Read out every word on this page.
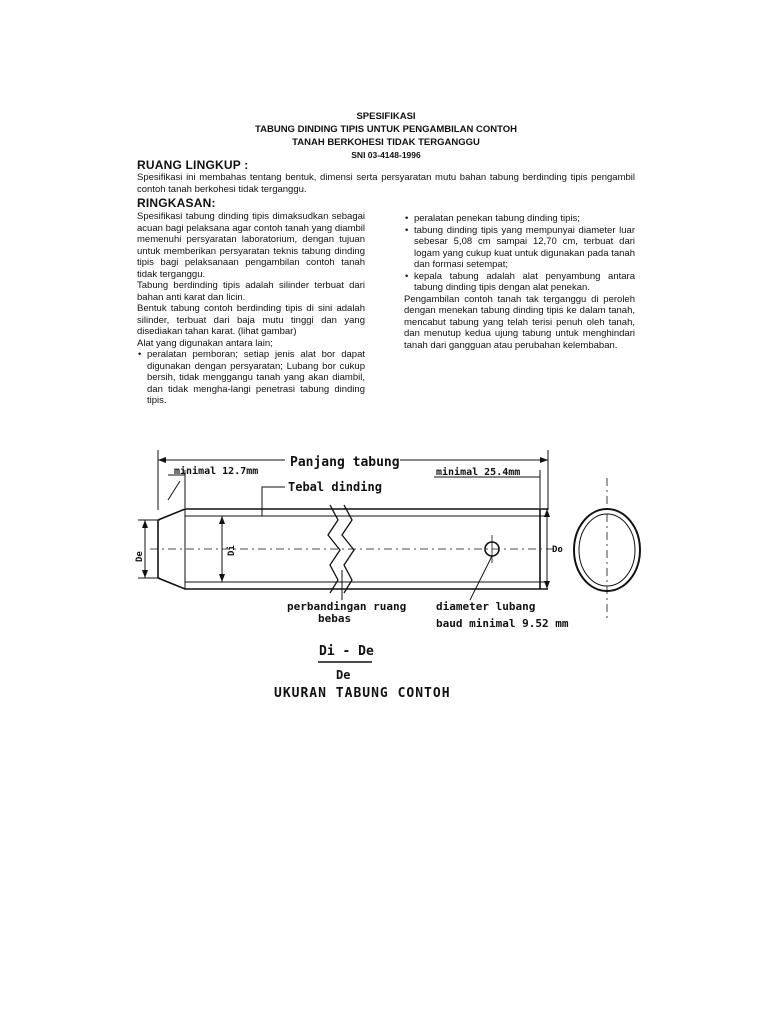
SPESIFIKASI
TABUNG DINDING TIPIS UNTUK PENGAMBILAN CONTOH
TANAH BERKOHESI TIDAK TERGANGGU
SNI 03-4148-1996
RUANG LINGKUP :

Spesifikasi ini membahas tentang bentuk, dimensi serta persyaratan mutu bahan tabung berdinding tipis pengambil contoh tanah berkohesi tidak terganggu.

RINGKASAN:

Spesifikasi tabung dinding tipis dimaksudkan sebagai acuan bagi pelaksana agar contoh tanah yang diambil memenuhi persyaratan laboratorium, dengan tujuan untuk memberikan persyaratan teknis tabung dinding tipis bagi pelaksanaan pengambilan contoh tanah tidak terganggu.

Tabung berdinding tipis adalah silinder terbuat dari bahan anti karat dan licin.

Bentuk tabung contoh berdinding tipis di sini adalah silinder, terbuat dari baja mutu tinggi dan yang disediakan tahan karat. (lihat gambar)

Alat yang digunakan antara lain;

• peralatan pemboran; setiap jenis alat bor dapat digunakan dengan persyaratan; Lubang bor cukup bersih, tidak menggangu tanah yang akan diambil, dan tidak mengha-langi penetrasi tabung dinding tipis.

• peralatan penekan tabung dinding tipis;

• tabung dinding tipis yang mempunyai diameter luar sebesar 5,08 cm sampai 12,70 cm, terbuat dari logam yang cukup kuat untuk digunakan pada tanah dan formasi setempat;

• kepala tabung adalah alat penyambung antara tabung dinding tipis dengan alat penekan.

Pengambilan contoh tanah tak terganggu di peroleh dengan menekan tabung dinding tipis ke dalam tanah, mencabut tabung yang telah terisi penuh oleh tanah, dan menutup kedua ujung tabung untuk menghindari tanah dari gangguan atau perubahan kelembaban.

Panjang tabung
minimal 12.7mm	minimal 25.4mm
Tebal dinding
De
Di	Do
perbandingan ruang
bebas
diameter lubang
baud minimal 9.52 mm
Di - De
De
UKURAN TABUNG CONTOH
